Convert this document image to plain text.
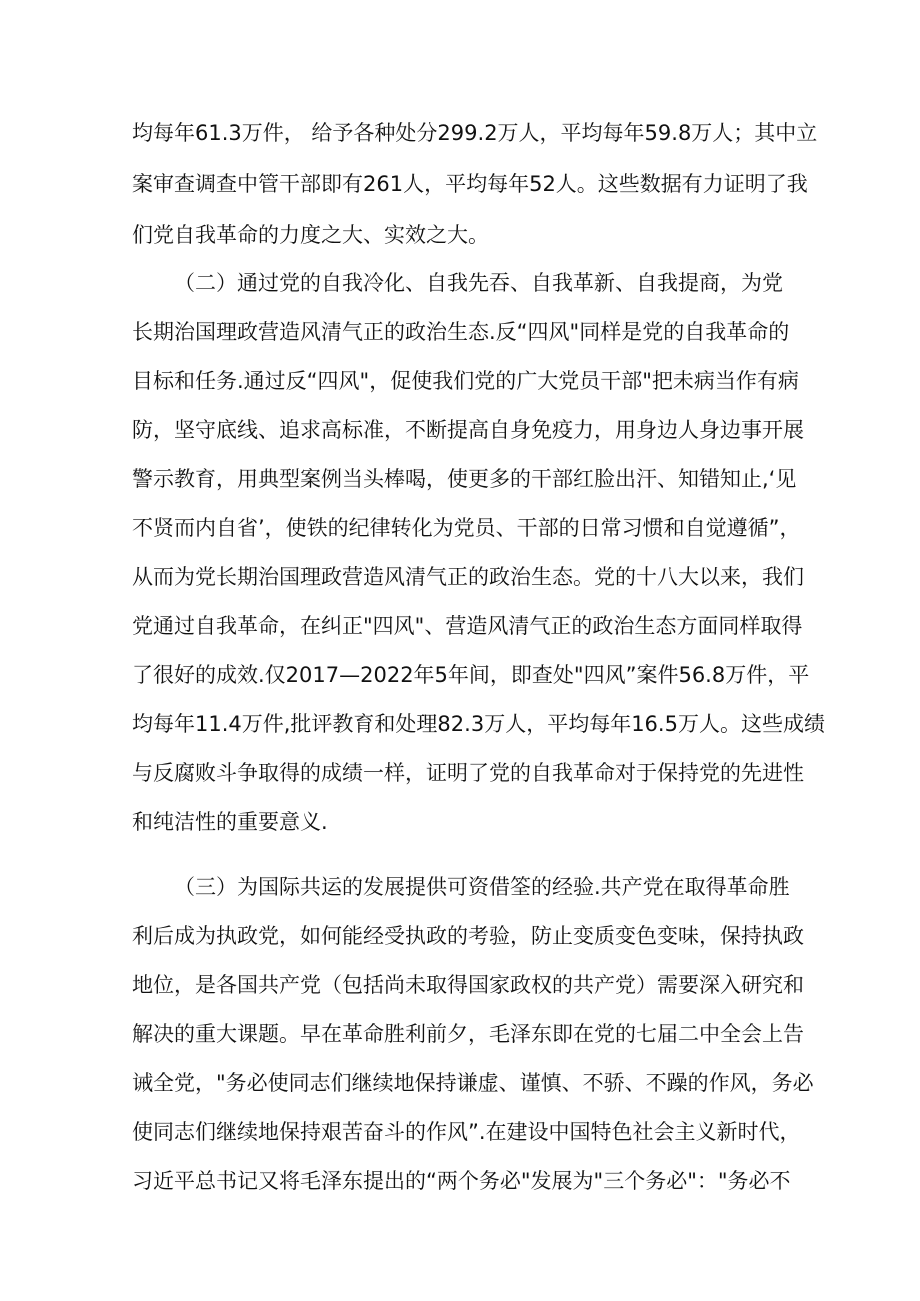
均每年61.3万件， 给予各种处分299.2万人，平均每年59.8万人；其中立
案审查调查中管干部即有261人，平均每年52人。这些数据有力证明了我
们党自我革命的力度之大、实效之大。
（二）通过党的自我冷化、自我先吞、自我革新、自我提商，为党
长期治国理政营造风清气正的政治生态.反“四风"同样是党的自我革命的
目标和任务.通过反“四风"，促使我们党的广大党员干部"把未病当作有病
防，坚守底线、追求高标准，不断提高自身免疫力，用身边人身边事开展
警示教育，用典型案例当头棒喝，使更多的干部红脸出汗、知错知止,‘见
不贤而内自省’，使铁的纪律转化为党员、干部的日常习惯和自觉遵循”，
从而为党长期治国理政营造风清气正的政治生态。党的十八大以来，我们
党通过自我革命，在纠正"四风"、营造风清气正的政治生态方面同样取得
了很好的成效.仅2017—2022年5年间，即查处"四风”案件56.8万件，平
均每年11.4万件,批评教育和处理82.3万人，平均每年16.5万人。这些成绩
与反腐败斗争取得的成绩一样，证明了党的自我革命对于保持党的先进性
和纯洁性的重要意义.
（三）为国际共运的发展提供可资借筌的经验.共产党在取得革命胜
利后成为执政党，如何能经受执政的考验，防止变质变色变味，保持执政
地位，是各国共产党（包括尚未取得国家政权的共产党）需要深入研究和
解决的重大课题。早在革命胜利前夕，毛泽东即在党的七届二中全会上告
诫全党，"务必使同志们继续地保持谦虚、谨慎、不骄、不躁的作风，务必
使同志们继续地保持艰苦奋斗的作风”.在建设中国特色社会主义新时代，
习近平总书记又将毛泽东提出的“两个务必"发展为"三个务必"："务必不
